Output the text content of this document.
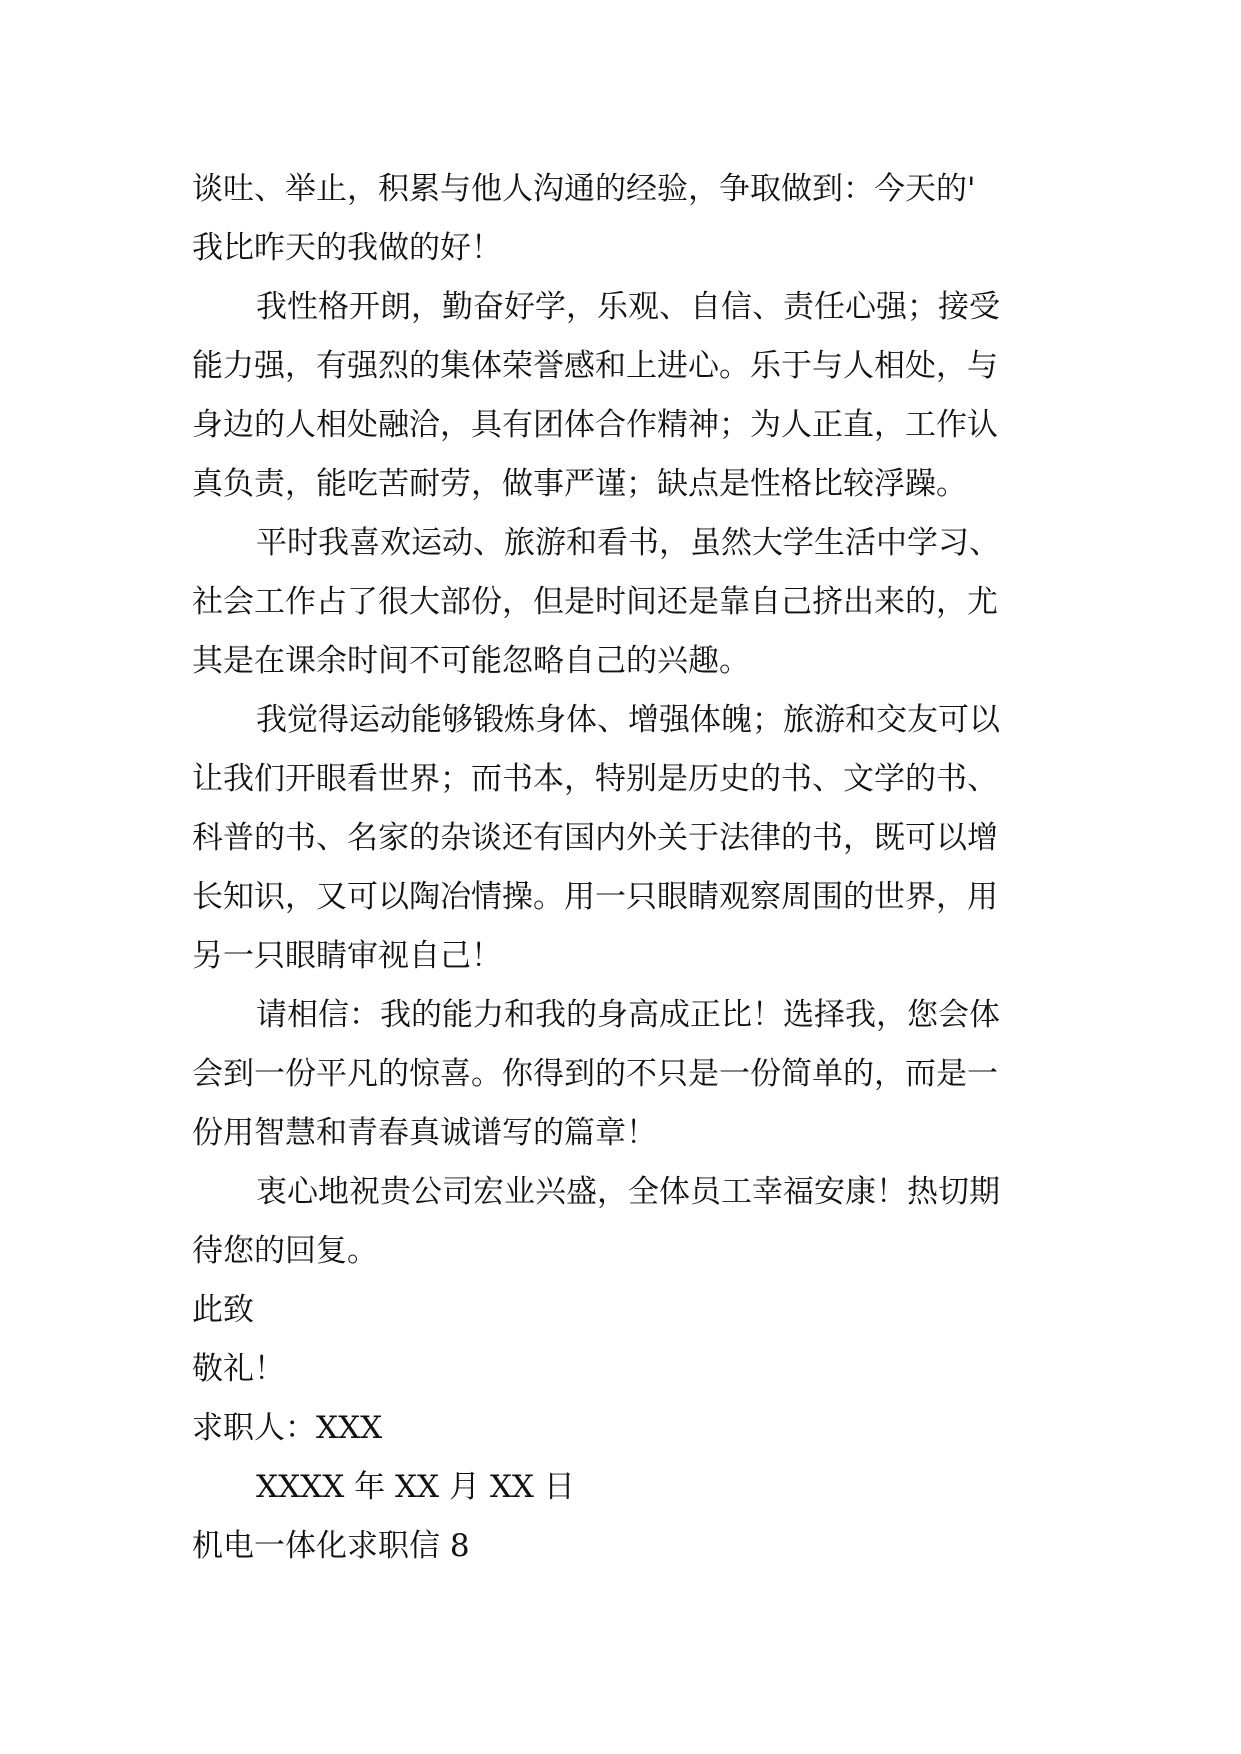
谈吐、举止，积累与他人沟通的经验，争取做到：今天的'
我比昨天的我做的好！
我性格开朗，勤奋好学，乐观、自信、责任心强；接受
能力强，有强烈的集体荣誉感和上进心。乐于与人相处，与
身边的人相处融洽，具有团体合作精神；为人正直，工作认
真负责，能吃苦耐劳，做事严谨；缺点是性格比较浮躁。
平时我喜欢运动、旅游和看书，虽然大学生活中学习、
社会工作占了很大部份，但是时间还是靠自己挤出来的，尤
其是在课余时间不可能忽略自己的兴趣。
我觉得运动能够锻炼身体、增强体魄；旅游和交友可以
让我们开眼看世界；而书本，特别是历史的书、文学的书、
科普的书、名家的杂谈还有国内外关于法律的书，既可以增
长知识，又可以陶冶情操。用一只眼睛观察周围的世界，用
另一只眼睛审视自己！
请相信：我的能力和我的身高成正比！选择我，您会体
会到一份平凡的惊喜。你得到的不只是一份简单的，而是一
份用智慧和青春真诚谱写的篇章！
衷心地祝贵公司宏业兴盛，全体员工幸福安康！热切期
待您的回复。
此致
敬礼！
求职人：XXX
XXXX 年 XX 月 XX 日
机电一体化求职信 8
